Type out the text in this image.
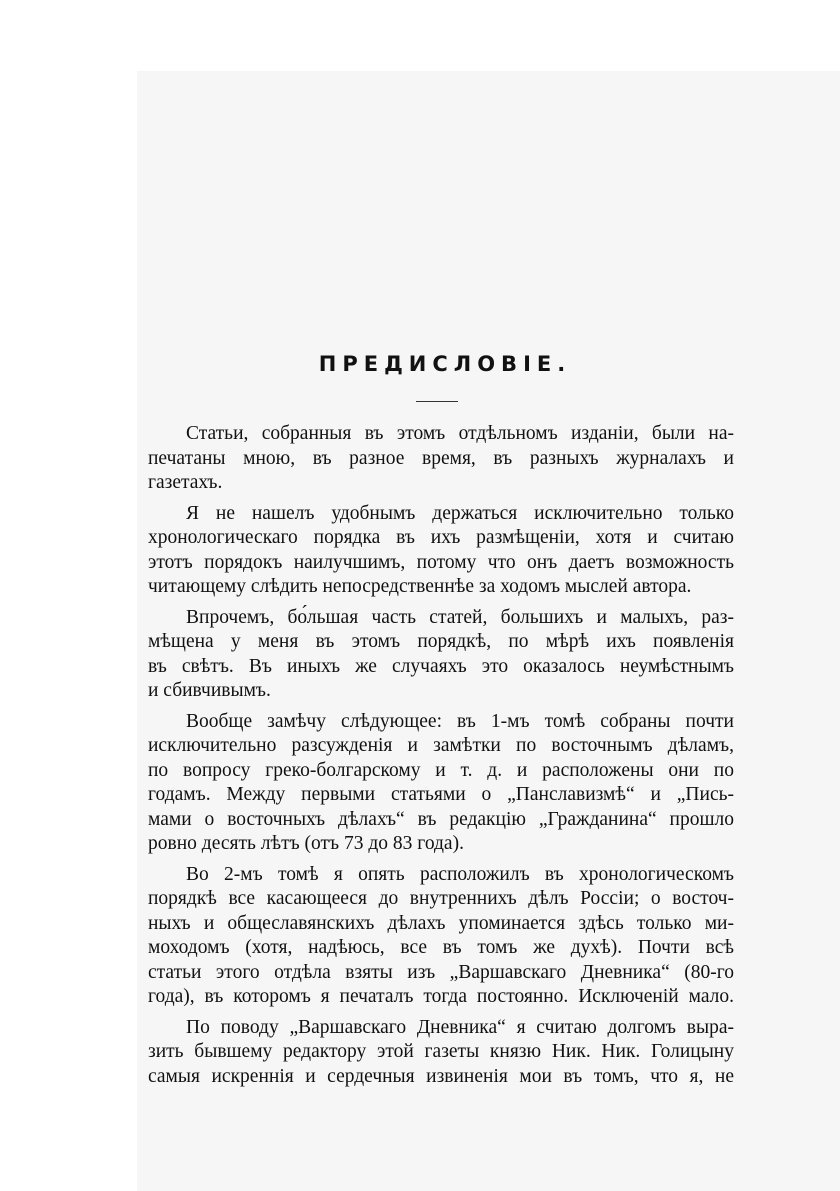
ПРЕДИСЛОВІЕ.
Статьи, собранныя въ этомъ отдѣльномъ изданіи, были на-
печатаны мною, въ разное время, въ разныхъ журналахъ и
газетахъ.
Я не нашелъ удобнымъ держаться исключительно только
хронологическаго порядка въ ихъ размѣщеніи, хотя и считаю
этотъ порядокъ наилучшимъ, потому что онъ даетъ возможность
читающему слѣдить непосредственнѣе за ходомъ мыслей автора.
Впрочемъ, бо́льшая часть статей, большихъ и малыхъ, раз-
мѣщена у меня въ этомъ порядкѣ, по мѣрѣ ихъ появленія
въ свѣтъ. Въ иныхъ же случаяхъ это оказалось неумѣстнымъ
и сбивчивымъ.
Вообще замѣчу слѣдующее: въ 1-мъ томѣ собраны почти
исключительно разсужденія и замѣтки по восточнымъ дѣламъ,
по вопросу греко-болгарскому и т. д. и расположены они по
годамъ. Между первыми статьями о „Панславизмѣ“ и „Пись-
мами о восточныхъ дѣлахъ“ въ редакцію „Гражданина“ прошло
ровно десять лѣтъ (отъ 73 до 83 года).
Во 2-мъ томѣ я опять расположилъ въ хронологическомъ
порядкѣ все касающееся до внутреннихъ дѣлъ Россіи; о восточ-
ныхъ и общеславянскихъ дѣлахъ упоминается здѣсь только ми-
моходомъ (хотя, надѣюсь, все въ томъ же духѣ). Почти всѣ
статьи этого отдѣла взяты изъ „Варшавскаго Дневника“ (80-го
года), въ которомъ я печаталъ тогда постоянно. Исключеній мало.
По поводу „Варшавскаго Дневника“ я считаю долгомъ выра-
зить бывшему редактору этой газеты князю Ник. Ник. Голицыну
самыя искреннія и сердечныя извиненія мои въ томъ, что я, не
